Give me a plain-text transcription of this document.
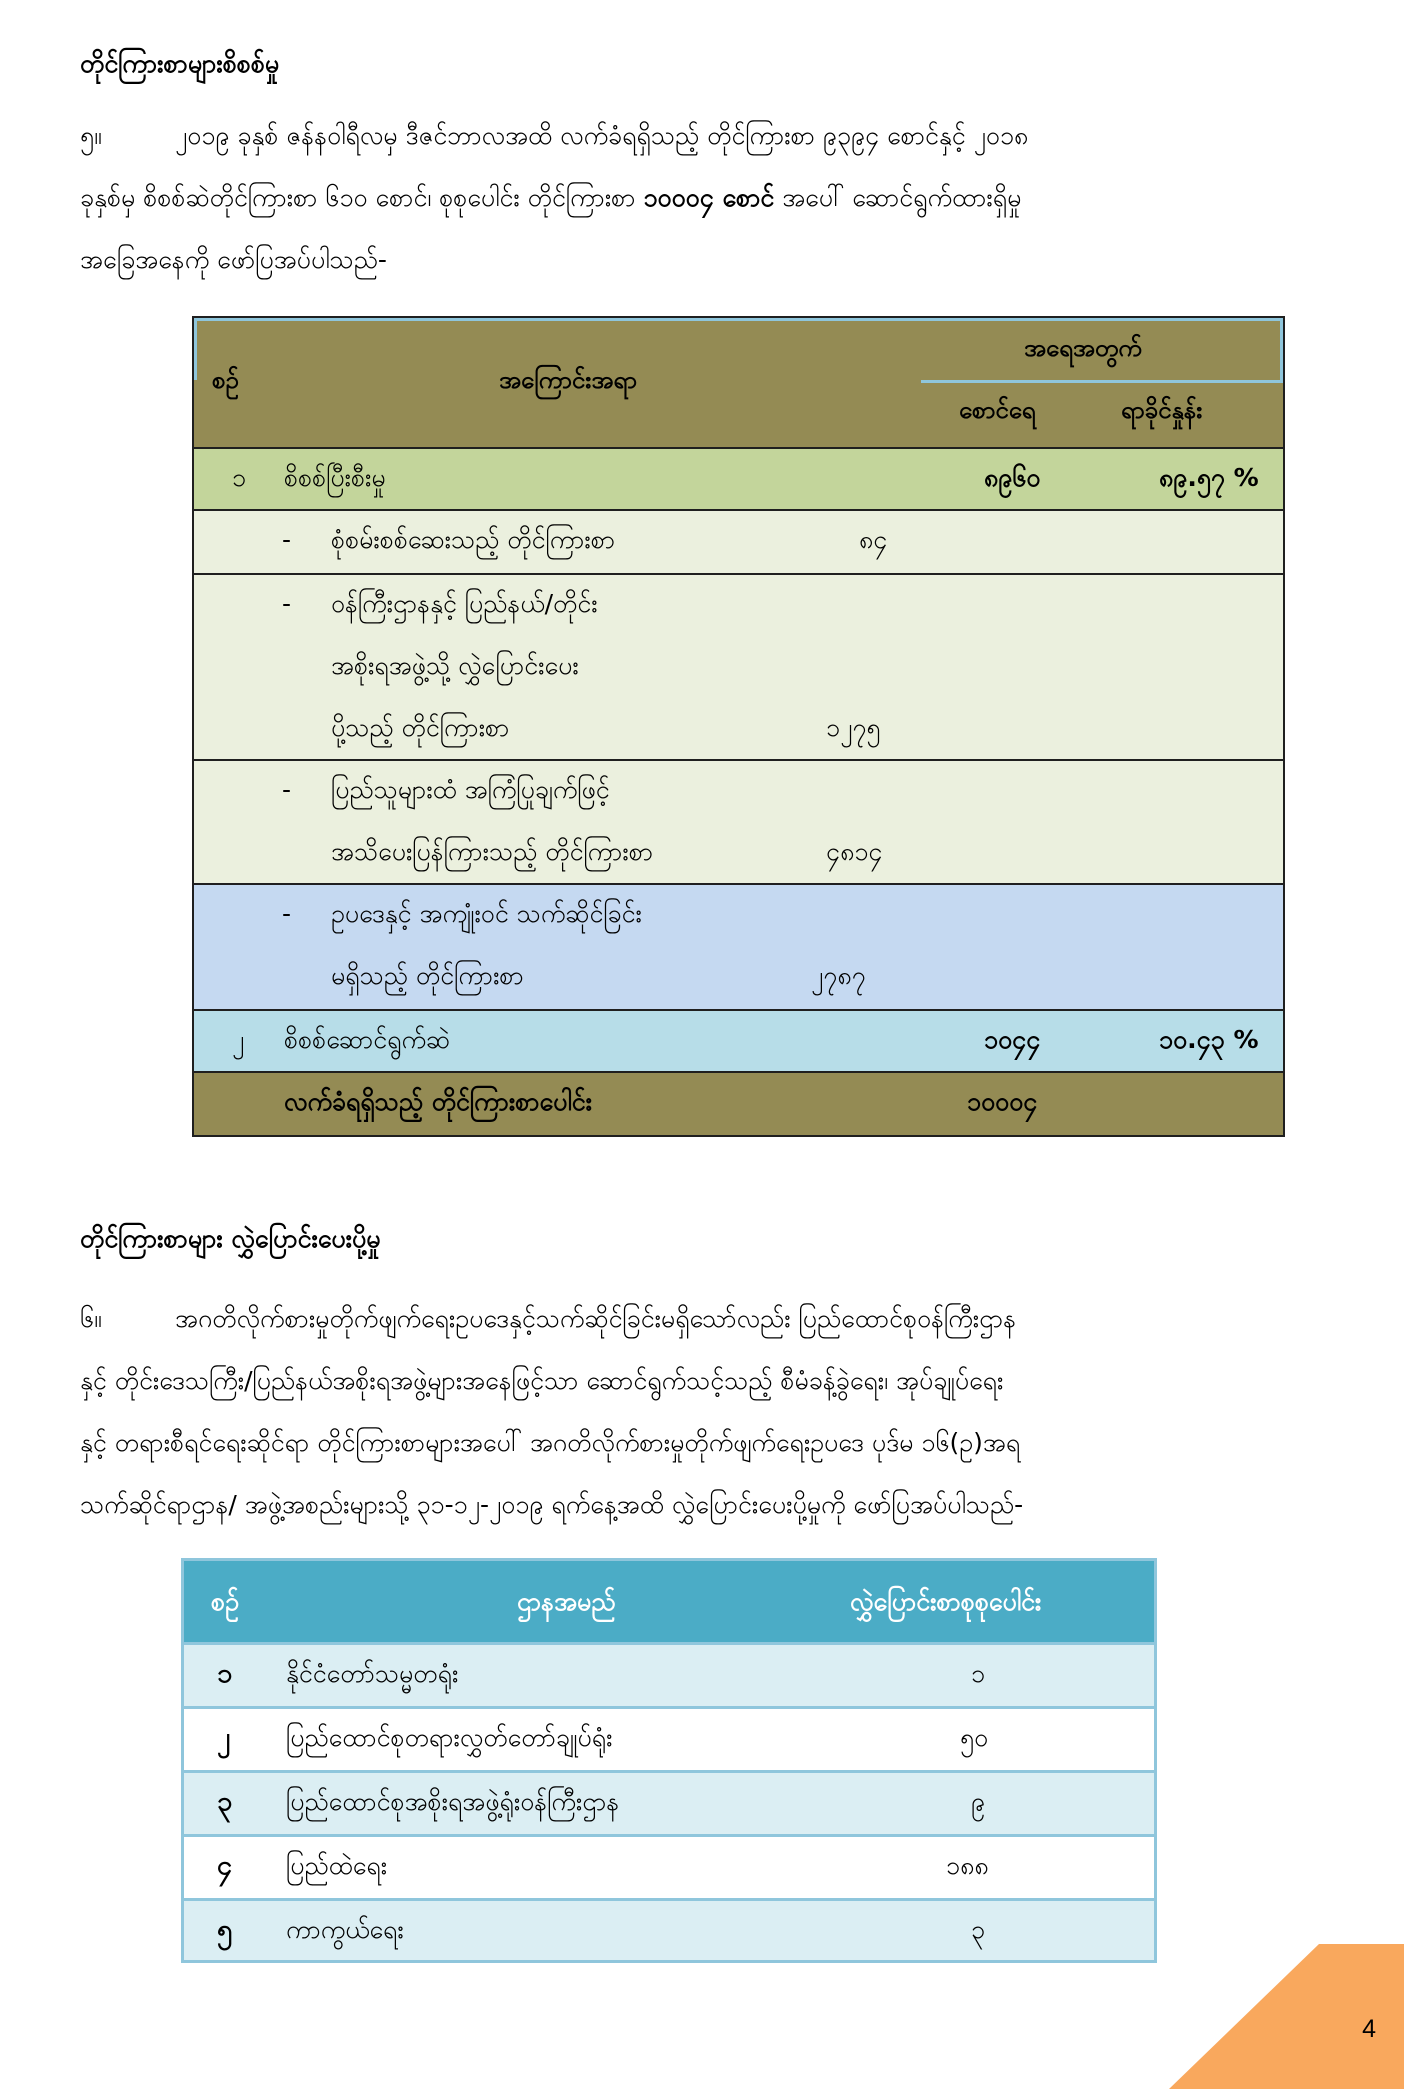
တိုင်ကြားစာများစိစစ်မှု
၅။	၂၀၁၉ ခုနှစ် ဇန်နဝါရီလမှ ဒီဇင်ဘာလအထိ လက်ခံရရှိသည့် တိုင်ကြားစာ ၉၃၉၄ စောင်နှင့် ၂၀၁၈
ခုနှစ်မှ စိစစ်ဆဲတိုင်ကြားစာ ၆၁၀ စောင်၊ စုစုပေါင်း တိုင်ကြားစာ ၁၀၀၀၄ စောင် အပေါ် ဆောင်ရွက်ထားရှိမှု
အခြေအနေကို ဖော်ပြအပ်ပါသည်-
စဉ်	အကြောင်းအရာ
အရေအတွက်
စောင်ရေ	ရာခိုင်နှုန်း
၁ စိစစ်ပြီးစီးမှု	၈၉၆၀	၈၉.၅၇ %
- စုံစမ်းစစ်ဆေးသည့် တိုင်ကြားစာ	၈၄
- ဝန်ကြီးဌာနနှင့် ပြည်နယ်/တိုင်း
အစိုးရအဖွဲ့သို့ လွှဲပြောင်းပေး
ပို့သည့် တိုင်ကြားစာ	၁၂၇၅
- ပြည်သူများထံ အကြံပြုချက်ဖြင့်
အသိပေးပြန်ကြားသည့် တိုင်ကြားစာ	၄၈၁၄
- ဥပဒေနှင့် အကျုံးဝင် သက်ဆိုင်ခြင်း
မရှိသည့် တိုင်ကြားစာ	၂၇၈၇
၂ စိစစ်ဆောင်ရွက်ဆဲ	၁၀၄၄	၁၀.၄၃ %
လက်ခံရရှိသည့် တိုင်ကြားစာပေါင်း	၁၀၀၀၄
တိုင်ကြားစာများ လွှဲပြောင်းပေးပို့မှု
၆။	အဂတိလိုက်စားမှုတိုက်ဖျက်ရေးဥပဒေနှင့်သက်ဆိုင်ခြင်းမရှိသော်လည်း ပြည်ထောင်စုဝန်ကြီးဌာန
နှင့် တိုင်းဒေသကြီး/ပြည်နယ်အစိုးရအဖွဲ့များအနေဖြင့်သာ ဆောင်ရွက်သင့်သည့် စီမံခန့်ခွဲရေး၊ အုပ်ချုပ်ရေး
နှင့် တရားစီရင်ရေးဆိုင်ရာ တိုင်ကြားစာများအပေါ် အဂတိလိုက်စားမှုတိုက်ဖျက်ရေးဥပဒေ ပုဒ်မ ၁၆(ဥ)အရ
သက်ဆိုင်ရာဌာန/ အဖွဲ့အစည်းများသို့ ၃၁-၁၂-၂၀၁၉ ရက်နေ့အထိ လွှဲပြောင်းပေးပို့မှုကို ဖော်ပြအပ်ပါသည်-
စဉ်	ဌာနအမည်	လွှဲပြောင်းစာစုစုပေါင်း
၁ နိုင်ငံတော်သမ္မတရုံး	၁
၂ ပြည်ထောင်စုတရားလွှတ်တော်ချုပ်ရုံး	၅၀
၃ ပြည်ထောင်စုအစိုးရအဖွဲ့ရုံးဝန်ကြီးဌာန	၉
၄ ပြည်ထဲရေး	၁၈၈
၅ ကာကွယ်ရေး	၃
4
